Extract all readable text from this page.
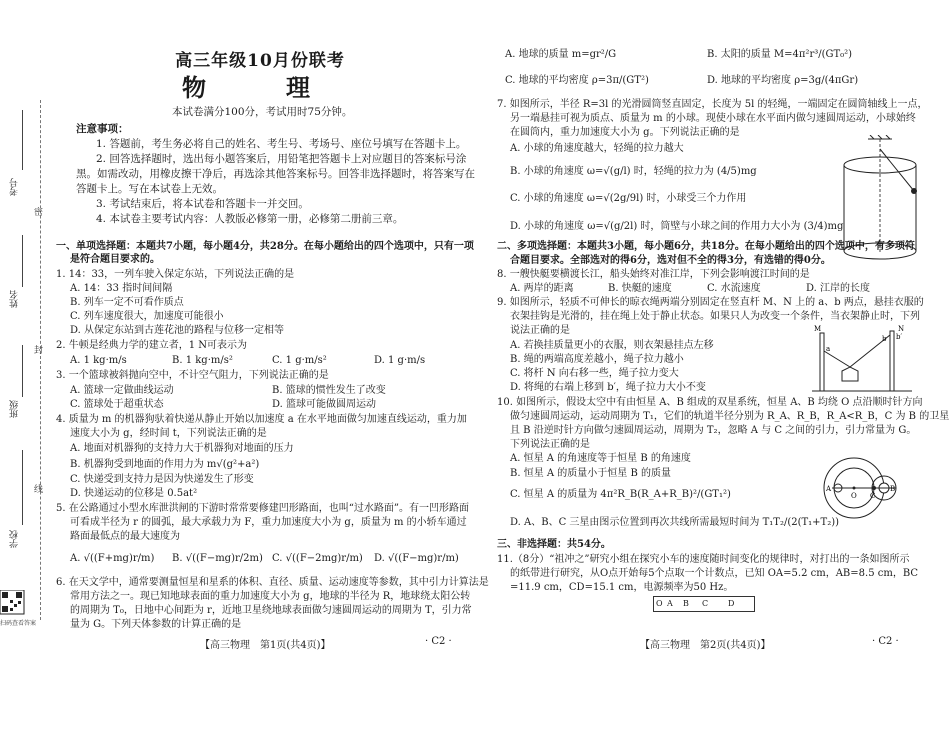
考号
姓名
班级
学校
密
封
线
扫码查看答案
高三年级10月份联考
物　理
本试卷满分100分，考试用时75分钟。
注意事项：
1. 答题前，考生务必将自己的姓名、考生号、考场号、座位号填写在答题卡上。
2. 回答选择题时，选出每小题答案后，用铅笔把答题卡上对应题目的答案标号涂
黑。如需改动，用橡皮擦干净后，再选涂其他答案标号。回答非选择题时，将答案写在
答题卡上。写在本试卷上无效。
3. 考试结束后，将本试卷和答题卡一并交回。
4. 本试卷主要考试内容：人教版必修第一册，必修第二册前三章。
一、单项选择题：本题共7小题，每小题4分，共28分。在每小题给出的四个选项中，只有一项
是符合题目要求的。
1. 14：33，一列车驶入保定东站，下列说法正确的是
A. 14：33 指时间间隔
B. 列车一定不可看作质点
C. 列车速度很大，加速度可能很小
D. 从保定东站到古莲花池的路程与位移一定相等
2. 牛顿是经典力学的建立者，1 N可表示为
A. 1 kg·m/s	B. 1 kg·m/s²	C. 1 g·m/s²	D. 1 g·m/s
3. 一个篮球被斜抛向空中，不计空气阻力，下列说法正确的是
A. 篮球一定做曲线运动	B. 篮球的惯性发生了改变
C. 篮球处于超重状态	D. 篮球可能做圆周运动
4. 质量为 m 的机器狗驮着快递从静止开始以加速度 a 在水平地面做匀加速直线运动，重力加
速度大小为 g，经时间 t，下列说法正确的是
A. 地面对机器狗的支持力大于机器狗对地面的压力
B. 机器狗受到地面的作用力为 m√(g²+a²)
C. 快递受到支持力是因为快递发生了形变
D. 快递运动的位移是 0.5at²
5. 在公路通过小型水库泄洪闸的下游时常常要修建凹形路面，也叫“过水路面”。有一凹形路面
可看成半径为 r 的圆弧，最大承载力为 F，重力加速度大小为 g，质量为 m 的小轿车通过
路面最低点的最大速度为
A. √((F+mg)r/m) B. √((F−mg)r/2m) C. √((F−2mg)r/m) D. √((F−mg)r/m)
6. 在天文学中，通常要测量恒星和星系的体积、直径、质量、运动速度等参数，其中引力计算法是
常用方法之一。现已知地球表面的重力加速度大小为 g，地球的半径为 R，地球绕太阳公转
的周期为 T₀，日地中心间距为 r，近地卫星绕地球表面做匀速圆周运动的周期为 T，引力常
量为 G。下列天体参数的计算正确的是
A. 地球的质量 m=gr²/G	B. 太阳的质量 M=4π²r³/(GT₀²)
C. 地球的平均密度 ρ=3π/(GT²)	D. 地球的平均密度 ρ=3g/(4πGr)
7. 如图所示，半径 R=3l 的光滑圆筒竖直固定，长度为 5l 的轻绳，一端固定在圆筒轴线上一点，
另一端悬挂可视为质点、质量为 m 的小球。现使小球在水平面内做匀速圆周运动，小球始终
在圆筒内，重力加速度大小为 g。下列说法正确的是
A. 小球的角速度越大，轻绳的拉力越大
B. 小球的角速度 ω=√(g/l) 时，轻绳的拉力为 (4/5)mg
C. 小球的角速度 ω=√(2g/9l) 时，小球受三个力作用
D. 小球的角速度 ω=√(g/2l) 时，筒壁与小球之间的作用力大小为 (3/4)mg
二、多项选择题：本题共3小题，每小题6分，共18分。在每小题给出的四个选项中，有多项符
合题目要求。全部选对的得6分，选对但不全的得3分，有选错的得0分。
8. 一艘快艇要横渡长江，船头始终对准江岸，下列会影响渡江时间的是
A. 两岸的距离	B. 快艇的速度	C. 水流速度	D. 江岸的长度
9. 如图所示，轻质不可伸长的晾衣绳两端分别固定在竖直杆 M、N 上的 a、b 两点，悬挂衣服的
衣架挂钩是光滑的，挂在绳上处于静止状态。如果只人为改变一个条件，当衣架静止时，下列
说法正确的是
A. 若换挂质量更小的衣服，则衣架悬挂点左移
B. 绳的两端高度差越小，绳子拉力越小
C. 将杆 N 向右移一些，绳子拉力变大
D. 将绳的右端上移到 b′，绳子拉力大小不变
M	N
a
b b′
10. 如图所示，假设太空中有由恒星 A、B 组成的双星系统，恒星 A、B 均绕 O 点沿顺时针方向
做匀速圆周运动，运动周期为 T₁，它们的轨道半径分别为 R_A、R_B，R_A<R_B，C 为 B 的卫星
且 B 沿逆时针方向做匀速圆周运动，周期为 T₂，忽略 A 与 C 之间的引力，引力常量为 G。
下列说法正确的是
A. 恒星 A 的角速度等于恒星 B 的角速度
B. 恒星 A 的质量小于恒星 B 的质量
C. 恒星 A 的质量为 4π²R_B(R_A+R_B)²/(GT₁²)
D. A、B、C 三星由图示位置到再次共线所需最短时间为 T₁T₂/(2(T₁+T₂))
A
O C
B
三、非选择题：共54分。
11.（8分）“祖冲之”研究小组在探究小车的速度随时间变化的规律时，对打出的一条如图所示
的纸带进行研究，从O点开始每5个点取一个计数点，已知 OA=5.2 cm，AB=8.5 cm，BC
=11.9 cm，CD=15.1 cm，电源频率为50 Hz。
O A B C D
【高三物理　第1页(共4页)】	· C2 ·	【高三物理　第2页(共4页)】	· C2 ·
